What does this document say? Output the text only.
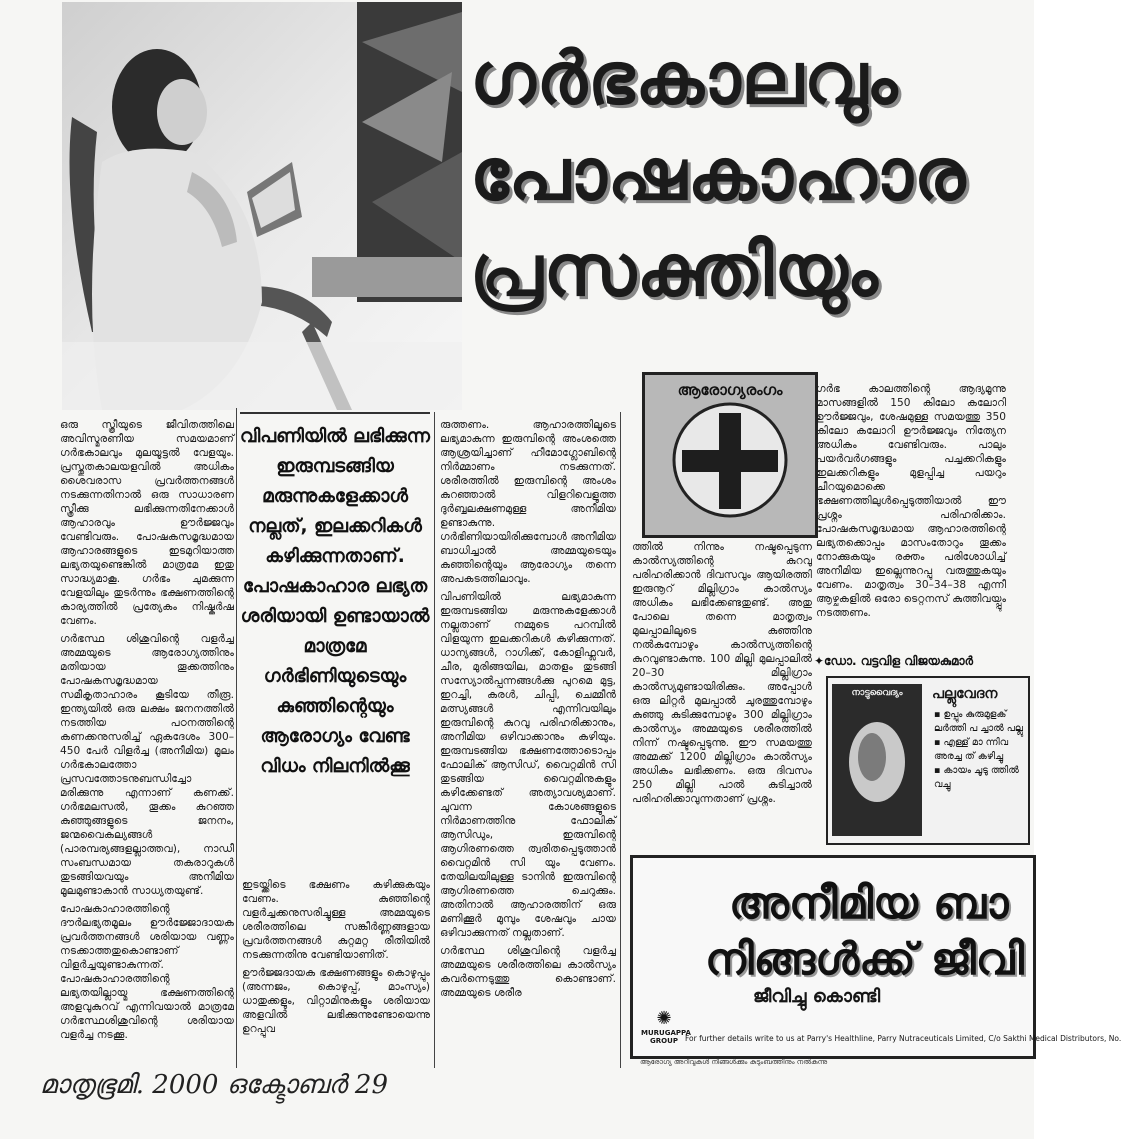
ഗർഭകാലവും
പോഷകാഹാര
പ്രസക്തിയും

ഒരു സ്ത്രീയുടെ ജീവിതത്തിലെ അവിസ്മരണീയ സമയമാണ് ഗർഭകാലവും മുലയൂട്ടൽ വേളയും. പ്രസ്തുതകാലയളവിൽ അധികം ശൈവരാസ പ്രവർത്തനങ്ങൾ നടക്കുന്നതിനാൽ ഒരു സാധാരണ സ്ത്രീക്കു ലഭിക്കുന്നതിനേക്കാൾ ആഹാരവും ഊർജ്ജവും വേണ്ടിവരും. പോഷകസമൃദ്ധമായ ആഹാരങ്ങളുടെ ഇടമുറിയാത്ത ലഭ്യതയുണ്ടെങ്കിൽ മാത്രമേ ഇതു സാദ്ധ്യമാകൂ. ഗർഭം ചുമക്കുന്ന വേളയിലും തുടർന്നും ഭക്ഷണത്തിന്റെ കാര്യത്തിൽ പ്രത്യേകം നിഷ്കർഷ വേണം.

ഗർഭസ്ഥ ശിശുവിന്റെ വളർച്ച അമ്മയുടെ ആരോഗ്യത്തിനും മതിയായ തൂക്കത്തിനും പോഷകസമൃദ്ധമായ സമീകൃതാഹാരം കൂടിയേ തീരൂ. ഇന്ത്യയിൽ ഒരു ലക്ഷം ജനനത്തിൽ നടത്തിയ പഠനത്തിന്റെ കണക്കനുസരിച്ച് ഏകദേശം 300–450 പേർ വിളർച്ച (അനീമിയ) മൂലം ഗർഭകാലത്തോ പ്രസവത്തോടനുബന്ധിച്ചോ മരിക്കുന്നു എന്നാണ് കണക്ക്. ഗർഭമലസൽ, തൂക്കം കുറഞ്ഞ കുഞ്ഞുങ്ങളുടെ ജനനം, ജന്മവൈകല്യങ്ങൾ (പാരമ്പര്യങ്ങളല്ലാത്തവ), നാഡീ സംബന്ധമായ തകരാറുകൾ തുടങ്ങിയവയും അനീമിയ മൂലമുണ്ടാകാൻ സാധ്യതയുണ്ട്.

പോഷകാഹാരത്തിന്റെ ദൗർലഭ്യതമൂലം ഊർജ്ജോദായക പ്രവർത്തനങ്ങൾ ശരിയായ വണ്ണം നടക്കാത്തതുകൊണ്ടാണ് വിളർച്ചയുണ്ടാകുന്നത്. പോഷകാഹാരത്തിന്റെ ലഭ്യതയില്ലായ്മ ഭക്ഷണത്തിന്റെ അളവുകുറവ് എന്നിവയാൽ മാത്രമേ ഗർഭസ്ഥശിശുവിന്റെ ശരിയായ വളർച്ച നടക്കൂ.

വിപണിയിൽ ലഭിക്കുന്ന ഇരുമ്പടങ്ങിയ മരുന്നുകളേക്കാൾ നല്ലത്, ഇലക്കറികൾ കഴിക്കുന്നതാണ്. പോഷകാഹാര ലഭ്യത ശരിയായി ഉണ്ടായാൽ മാത്രമേ ഗർഭിണിയുടെയും കുഞ്ഞിന്റെയും ആരോഗ്യം വേണ്ട വിധം നിലനിൽക്കൂ

ഇടയ്ക്കിടെ ഭക്ഷണം കഴിക്കുകയും വേണം. കുഞ്ഞിന്റെ വളർച്ചക്കനുസരിച്ചുള്ള അമ്മയുടെ ശരീരത്തിലെ സങ്കീർണ്ണങ്ങളായ പ്രവർത്തനങ്ങൾ കുറ്റമറ്റ രീതിയിൽ നടക്കുന്നതിനു വേണ്ടിയാണിത്.

ഊർജ്ജദായക ഭക്ഷണങ്ങളും കൊഴുപ്പും (അന്നജം, കൊഴുപ്പ്, മാംസ്യം) ധാതുക്കളും, വിറ്റാമിനുകളും ശരിയായ അളവിൽ ലഭിക്കുന്നുണ്ടോയെന്നു ഉറപ്പുവ

രുത്തണം. ആഹാരത്തിലൂടെ ലഭ്യമാകുന്ന ഇരുമ്പിന്റെ അംശത്തെ ആശ്രയിച്ചാണ് ഹീമോഗ്ലോബിന്റെ നിർമ്മാണം നടക്കുന്നത്. ശരീരത്തിൽ ഇരുമ്പിന്റെ അംശം കുറഞ്ഞാൽ വിളറിവെളുത്ത ദുർബ്ബലക്ഷണമുള്ള അനീമിയ ഉണ്ടാകുന്നു. ഗർഭിണിയായിരിക്കുമ്പോൾ അനീമിയ ബാധിച്ചാൽ അമ്മയുടെയും കുഞ്ഞിന്റെയും ആരോഗ്യം തന്നെ അപകടത്തിലാവും.

വിപണിയിൽ ലഭ്യമാകുന്ന ഇരുമ്പടങ്ങിയ മരുന്നുകളേക്കാൾ നല്ലതാണ് നമ്മുടെ പറമ്പിൽ വിളയുന്ന ഇലക്കറികൾ കഴിക്കുന്നത്. ധാന്യങ്ങൾ, റാഗിക്ക്, കോളിഫ്ലവർ, ചീര, മുരിങ്ങയില, മാതളം തുടങ്ങി സസ്യോൽപ്പന്നങ്ങൾക്കു പുറമെ മുട്ട, ഇറച്ചി, കരൾ, ചിപ്പി, ചെമ്മീൻ മത്സ്യങ്ങൾ എന്നിവയിലും ഇരുമ്പിന്റെ കുറവു പരിഹരിക്കാനും, അനീമിയ ഒഴിവാക്കാനും കഴിയും. ഇരുമ്പടങ്ങിയ ഭക്ഷണത്തോടൊപ്പം ഫോലിക് ആസിഡ്, വൈറ്റമിൻ സി തുടങ്ങിയ വൈറ്റമിനുകളും കഴിക്കേണ്ടത് അത്യാവശ്യമാണ്. ചുവന്ന കോശങ്ങളുടെ നിർമാണത്തിനു ഫോലിക് ആസിഡും, ഇരുമ്പിന്റെ ആഗിരണത്തെ ത്വരിതപ്പെടുത്താൻ വൈറ്റമിൻ സി യും വേണം. തേയിലയിലുള്ള ടാനിൻ ഇരുമ്പിന്റെ ആഗിരണത്തെ ചെറുക്കും. അതിനാൽ ആഹാരത്തിന് ഒരു മണിക്കൂർ മുമ്പും ശേഷവും ചായ ഒഴിവാക്കുന്നത് നല്ലതാണ്.

ഗർഭസ്ഥ ശിശുവിന്റെ വളർച്ച അമ്മയുടെ ശരീരത്തിലെ കാൽസ്യം കവർന്നെടുത്തു കൊണ്ടാണ്. അമ്മയുടെ ശരീര

ആരോഗ്യരംഗം	ഗർഭ കാലത്തിന്റെ ആദ്യമൂന്നു മാസങ്ങളിൽ 150 കിലോ കലോറി ഊർജ്ജവും, ശേഷമുള്ള സമയത്തു 350 കിലോ കലോറി ഊർജ്ജവും നിത്യേന അധികം വേണ്ടിവരും. പാലും പയർവർഗങ്ങളും പച്ചക്കറികളും ഇലക്കറികളും മുളപ്പിച്ച പയറും ചീറയുമൊക്കെ ഭക്ഷണത്തിലുൾപ്പെടുത്തിയാൽ ഈ പ്രശ്നം പരിഹരിക്കാം. പോഷകസമൃദ്ധമായ ആഹാരത്തിന്റെ ലഭ്യതക്കൊപ്പം മാസംതോറും തൂക്കം നോക്കുകയും രക്തം പരിശോധിച്ച് അനീമിയ ഇല്ലെന്നുറപ്പു വരുത്തുകയും വേണം. മാതൃത്വം 30–34–38 എന്നീ ആഴ്ചകളിൽ ഒരോ ടെറ്റനസ് കുത്തിവയ്പ്പും നടത്തണം.

✦ഡോ. വട്ടവിള വിജയകുമാർ

ത്തിൽ നിന്നും നഷ്ടപ്പെടുന്ന കാൽസ്യത്തിന്റെ കുറവു പരിഹരിക്കാൻ ദിവസവും ആയിരത്തി ഇരുനൂറ് മില്ലിഗ്രാം കാൽസ്യം അധികം ലഭിക്കേണ്ടതുണ്ട്. അതു പോലെ തന്നെ മാതൃത്വം മുലപ്പാലിലൂടെ കുഞ്ഞിനു നൽകുമ്പോഴും കാൽസ്യത്തിന്റെ കുറവുണ്ടാകുന്നു. 100 മില്ലി മുലപ്പാലിൽ 20–30 മില്ലിഗ്രാം കാൽസ്യമുണ്ടായിരിക്കും. അപ്പോൾ ഒരു ലിറ്റർ മുലപ്പാൽ ചുരത്തുമ്പോഴും കുഞ്ഞു കുടിക്കുമ്പോഴും 300 മില്ലിഗ്രാം കാൽസ്യം അമ്മയുടെ ശരീരത്തിൽ നിന്ന് നഷ്ടപ്പെടുന്നു. ഈ സമയത്തു അമ്മക്ക് 1200 മില്ലിഗ്രാം കാൽസ്യം അധികം ലഭിക്കണം. ഒരു ദിവസം 250 മില്ലി പാൽ കുടിച്ചാൽ പരിഹരിക്കാവുന്നതാണ് പ്രശ്നം.

നാട്ടുവൈദ്യം	പല്ലുവേദന
▪ ഉപ്പും കുരുമുളക് ലർത്തി പ ച്ചാൽ പല്ലു
▪ എള്ള് മാ ന്നിവ അരച്ച ത് കഴിച്ചു
▪ കായം ചൂടു ത്തിൽ വച്ചു
അനീമിയ ബാ
നിങ്ങൾക്ക് ജീവി
ജീവിച്ചു കൊണ്ടി
✺
MURUGAPPA GROUP For further details write to us at Parry's Healthline, Parry Nutraceuticals Limited, C/o Sakthi Medical Distributors, No.
ആരോഗ്യ അറിവുകൾ നിങ്ങൾക്കും കുടുംബത്തിനും നൽകുന്നു
മാതൃഭൂമി. 2000 ഒക്ടോബർ 29
